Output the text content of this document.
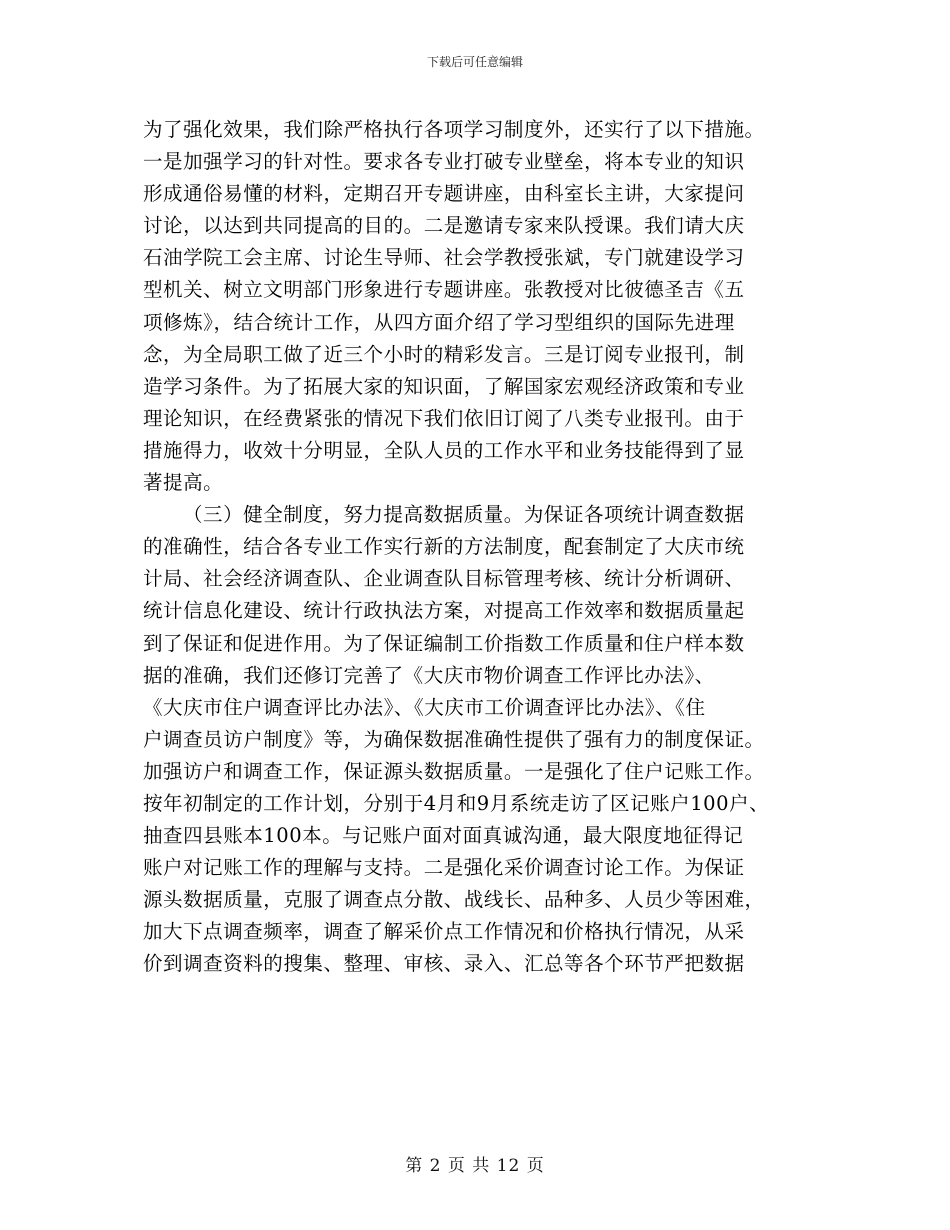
下载后可任意编辑
为了强化效果，我们除严格执行各项学习制度外，还实行了以下措施。
一是加强学习的针对性。要求各专业打破专业壁垒，将本专业的知识
形成通俗易懂的材料，定期召开专题讲座，由科室长主讲，大家提问
讨论，以达到共同提高的目的。二是邀请专家来队授课。我们请大庆
石油学院工会主席、讨论生导师、社会学教授张斌，专门就建设学习
型机关、树立文明部门形象进行专题讲座。张教授对比彼德圣吉《五
项修炼》，结合统计工作，从四方面介绍了学习型组织的国际先进理
念，为全局职工做了近三个小时的精彩发言。三是订阅专业报刊，制
造学习条件。为了拓展大家的知识面，了解国家宏观经济政策和专业
理论知识，在经费紧张的情况下我们依旧订阅了八类专业报刊。由于
措施得力，收效十分明显，全队人员的工作水平和业务技能得到了显
著提高。
（三）健全制度，努力提高数据质量。为保证各项统计调查数据
的准确性，结合各专业工作实行新的方法制度，配套制定了大庆市统
计局、社会经济调查队、企业调查队目标管理考核、统计分析调研、
统计信息化建设、统计行政执法方案，对提高工作效率和数据质量起
到了保证和促进作用。为了保证编制工价指数工作质量和住户样本数
据的准确，我们还修订完善了《大庆市物价调查工作评比办法》、
《大庆市住户调查评比办法》、《大庆市工价调查评比办法》、《住
户调查员访户制度》等，为确保数据准确性提供了强有力的制度保证。
加强访户和调查工作，保证源头数据质量。一是强化了住户记账工作。
按年初制定的工作计划，分别于4月和9月系统走访了区记账户100户、
抽查四县账本100本。与记账户面对面真诚沟通，最大限度地征得记
账户对记账工作的理解与支持。二是强化采价调查讨论工作。为保证
源头数据质量，克服了调查点分散、战线长、品种多、人员少等困难，
加大下点调查频率，调查了解采价点工作情况和价格执行情况，从采
价到调查资料的搜集、整理、审核、录入、汇总等各个环节严把数据
第 2 页 共 12 页
